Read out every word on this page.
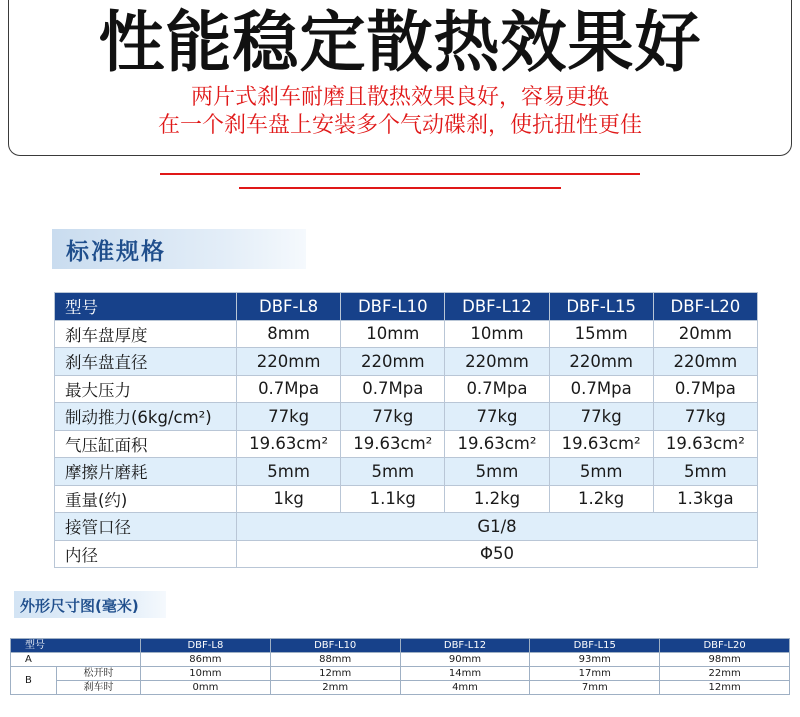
性能稳定散热效果好
两片式刹车耐磨且散热效果良好，容易更换
在一个刹车盘上安装多个气动碟刹，使抗扭性更佳
标准规格
型号	DBF-L8	DBF-L10	DBF-L12	DBF-L15	DBF-L20
刹车盘厚度	8mm	10mm	10mm	15mm	20mm
刹车盘直径	220mm	220mm	220mm	220mm	220mm
最大压力	0.7Mpa	0.7Mpa	0.7Mpa	0.7Mpa	0.7Mpa
制动推力(6kg/cm²)	77kg	77kg	77kg	77kg	77kg
气压缸面积	19.63cm²	19.63cm²	19.63cm²	19.63cm²	19.63cm²
摩擦片磨耗	5mm	5mm	5mm	5mm	5mm
重量(约)	1kg	1.1kg	1.2kg	1.2kg	1.3kga
接管口径	G1/8				
内径	Φ50				
外形尺寸图(毫米)
型号		DBF-L8	DBF-L10	DBF-L12	DBF-L15	DBF-L20
A		86mm	88mm	90mm	93mm	98mm
B	松开时	10mm	12mm	14mm	17mm	22mm
	刹车时	0mm	2mm	4mm	7mm	12mm
